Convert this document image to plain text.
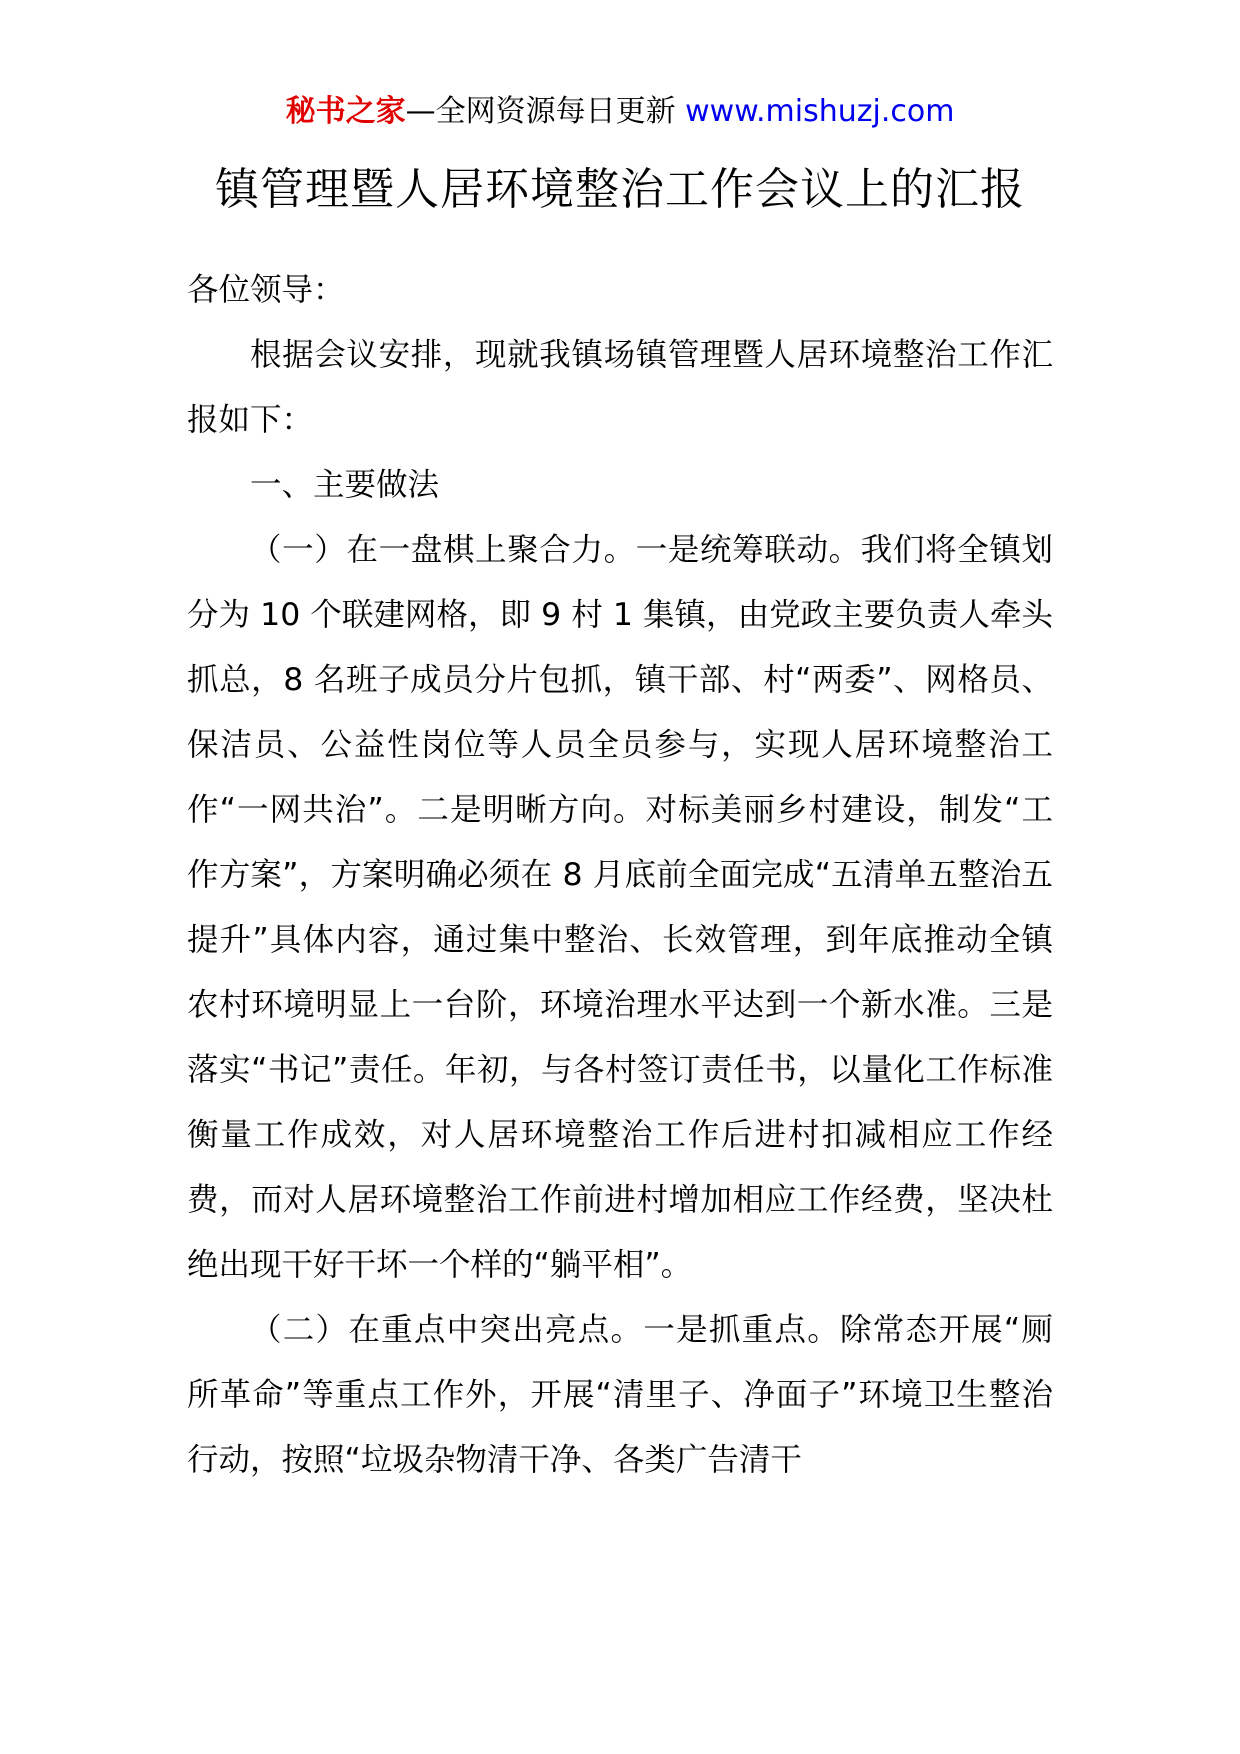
秘书之家—全网资源每日更新 www.mishuzj.com
镇管理暨人居环境整治工作会议上的汇报

各位领导：

根据会议安排，现就我镇场镇管理暨人居环境整治工作汇报如下：

一、主要做法

（一）在一盘棋上聚合力。一是统筹联动。我们将全镇划分为 10 个联建网格，即 9 村 1 集镇，由党政主要负责人牵头抓总，8 名班子成员分片包抓，镇干部、村“两委”、网格员、保洁员、公益性岗位等人员全员参与，实现人居环境整治工作“一网共治”。二是明晰方向。对标美丽乡村建设，制发“工作方案”，方案明确必须在 8 月底前全面完成“五清单五整治五提升”具体内容，通过集中整治、长效管理，到年底推动全镇农村环境明显上一台阶，环境治理水平达到一个新水准。三是落实“书记”责任。年初，与各村签订责任书，以量化工作标准衡量工作成效，对人居环境整治工作后进村扣减相应工作经费，而对人居环境整治工作前进村增加相应工作经费，坚决杜绝出现干好干坏一个样的“躺平相”。

（二）在重点中突出亮点。一是抓重点。除常态开展“厕所革命”等重点工作外，开展“清里子、净面子”环境卫生整治行动，按照“垃圾杂物清干净、各类广告清干
